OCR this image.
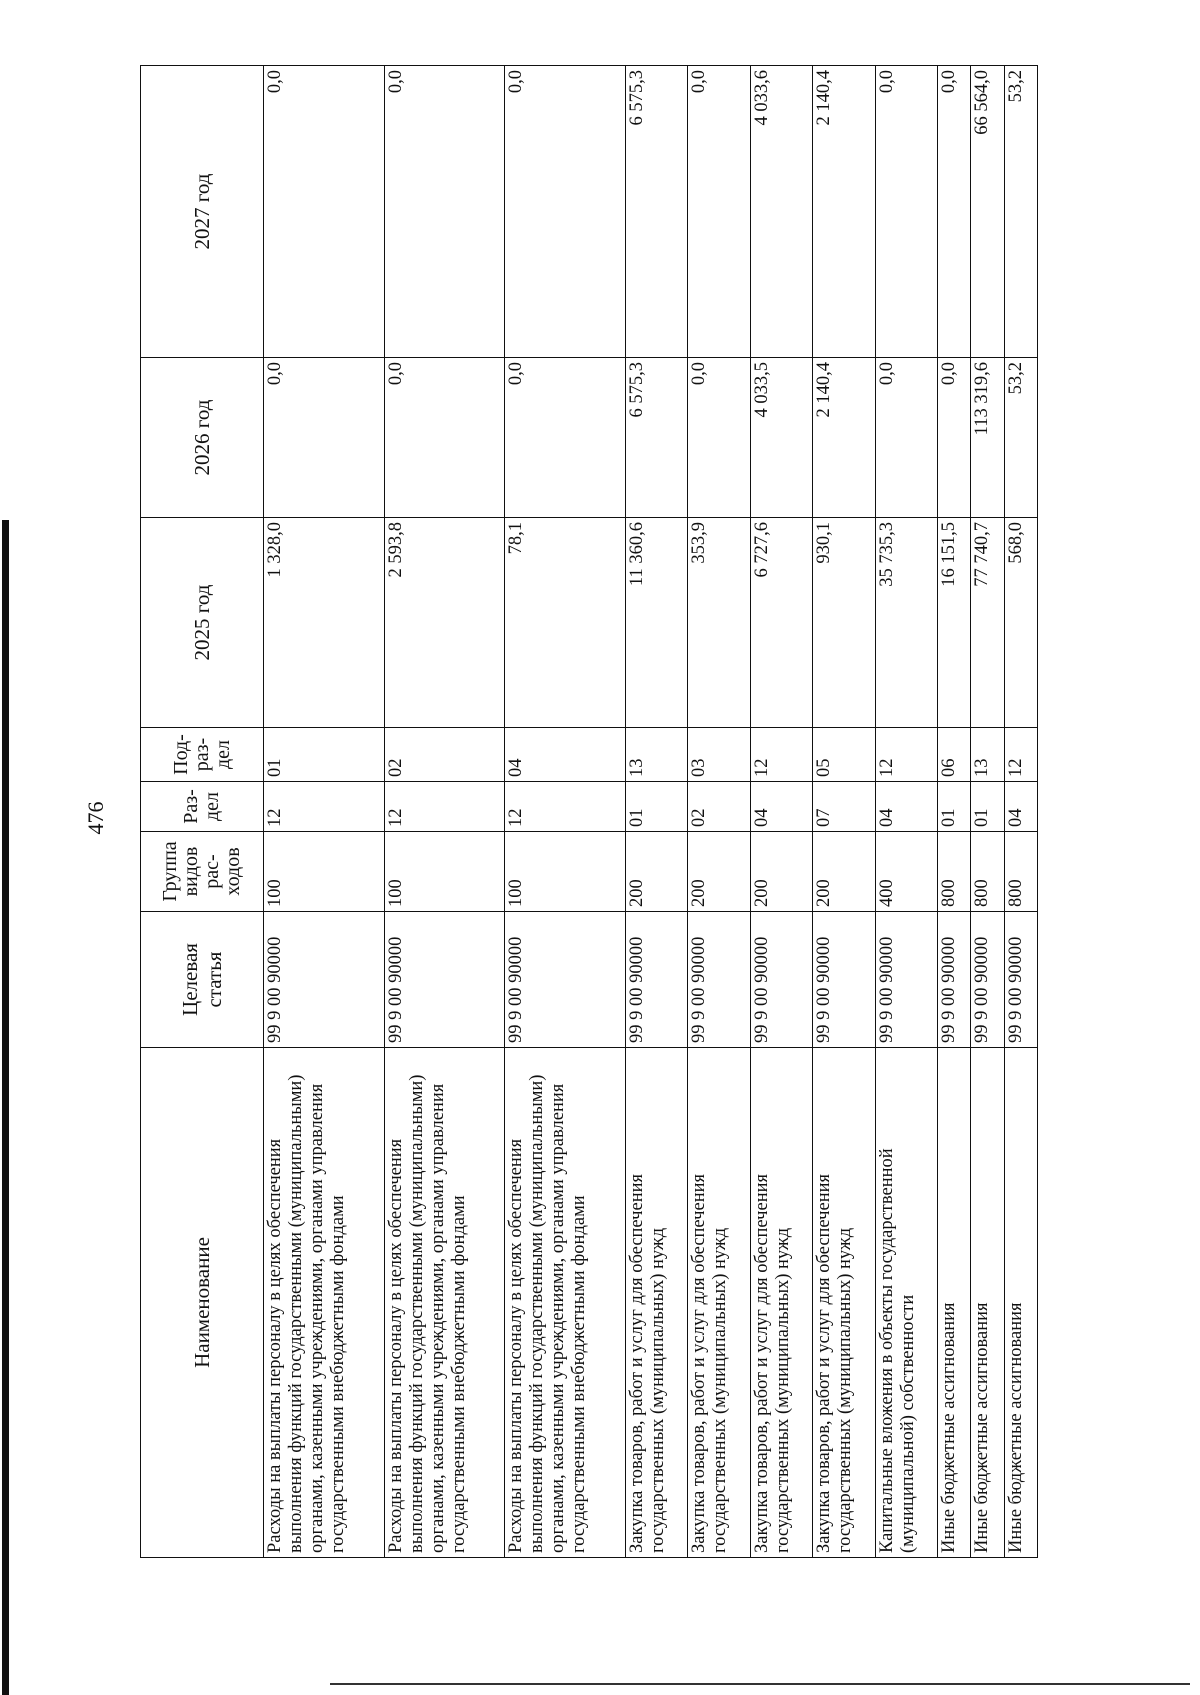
476
Наименование	Целевая статья	Группа видов рас- ходов	Раз- дел	Под- раз- дел	2025 год	2026 год	2027 год
Расходы на выплаты персоналу в целях обеспечения выполнения функций государственными (муниципальными) органами, казенными учреждениями, органами управления государственными внебюджетными фондами	99 9 00 90000	100	12	01	1 328,0	0,0	0,0
Расходы на выплаты персоналу в целях обеспечения выполнения функций государственными (муниципальными) органами, казенными учреждениями, органами управления государственными внебюджетными фондами	99 9 00 90000	100	12	02	2 593,8	0,0	0,0
Расходы на выплаты персоналу в целях обеспечения выполнения функций государственными (муниципальными) органами, казенными учреждениями, органами управления государственными внебюджетными фондами	99 9 00 90000	100	12	04	78,1	0,0	0,0
Закупка товаров, работ и услуг для обеспечения государственных (муниципальных) нужд	99 9 00 90000	200	01	13	11 360,6	6 575,3	6 575,3
Закупка товаров, работ и услуг для обеспечения государственных (муниципальных) нужд	99 9 00 90000	200	02	03	353,9	0,0	0,0
Закупка товаров, работ и услуг для обеспечения государственных (муниципальных) нужд	99 9 00 90000	200	04	12	6 727,6	4 033,5	4 033,6
Закупка товаров, работ и услуг для обеспечения государственных (муниципальных) нужд	99 9 00 90000	200	07	05	930,1	2 140,4	2 140,4
Капитальные вложения в объекты государственной (муниципальной) собственности	99 9 00 90000	400	04	12	35 735,3	0,0	0,0
Иные бюджетные ассигнования	99 9 00 90000	800	01	06	16 151,5	0,0	0,0
Иные бюджетные ассигнования	99 9 00 90000	800	01	13	77 740,7	113 319,6	66 564,0
Иные бюджетные ассигнования	99 9 00 90000	800	04	12	568,0	53,2	53,2
